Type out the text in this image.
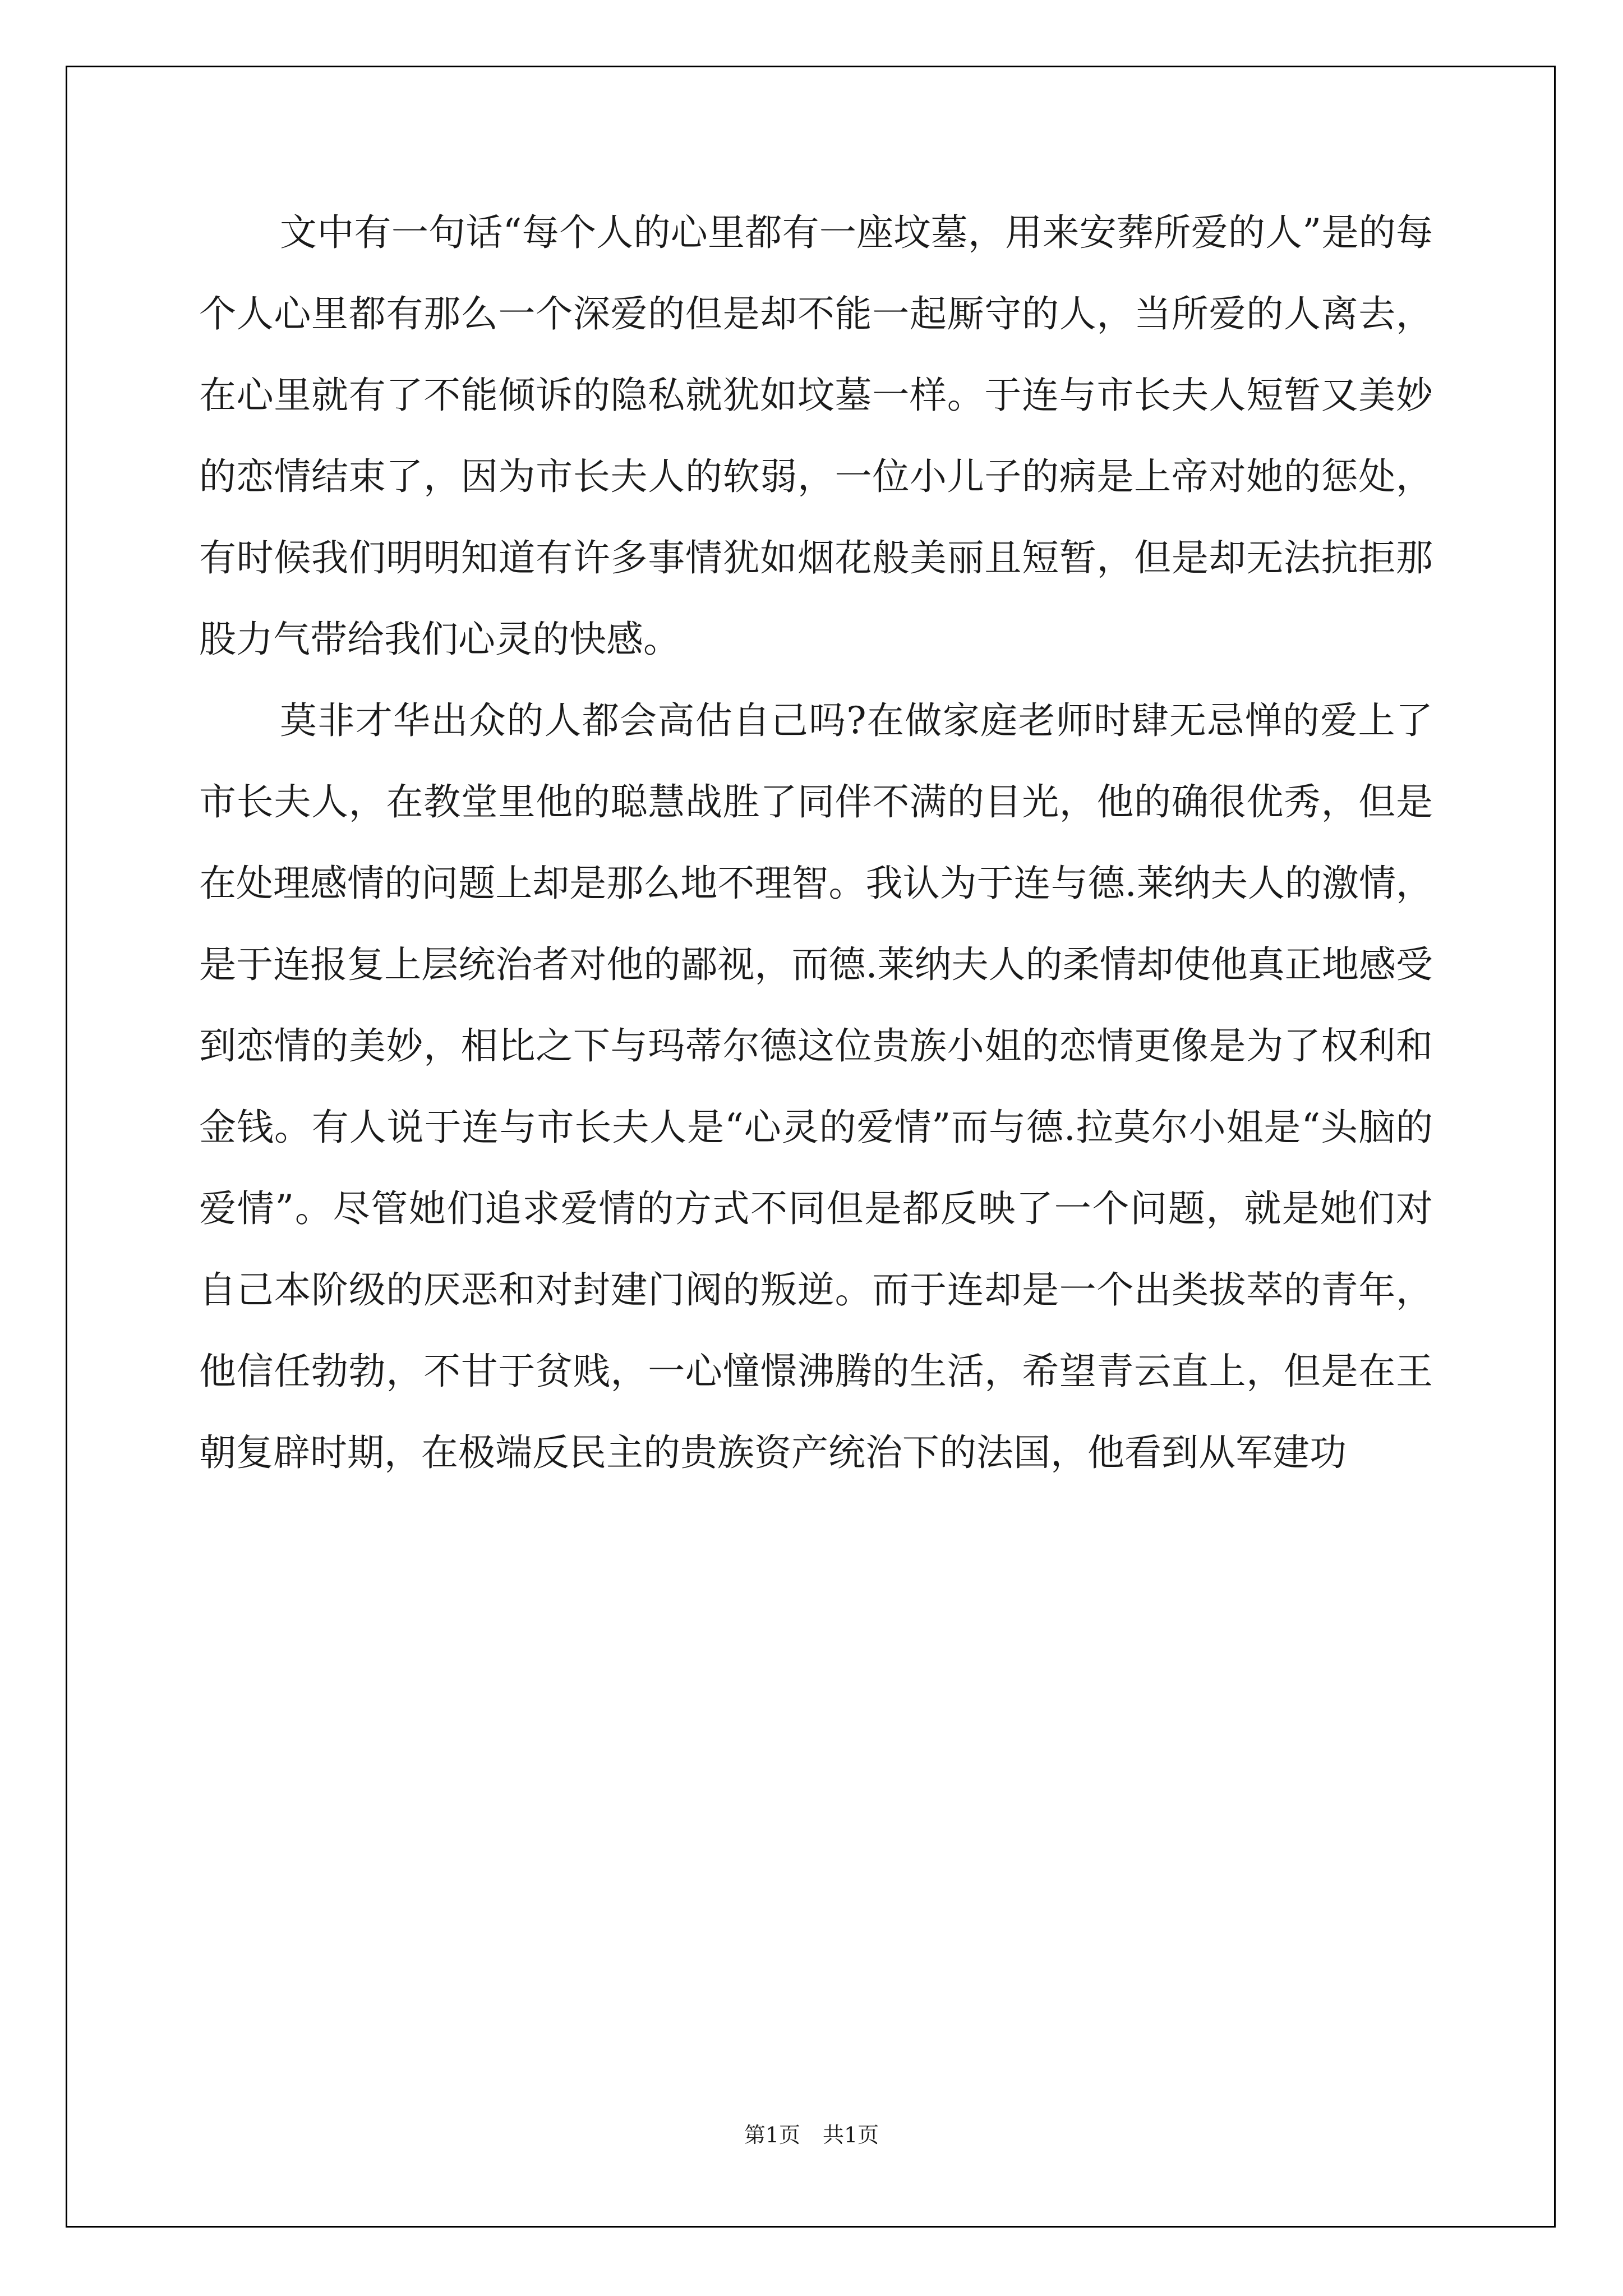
文中有一句话“每个人的心里都有一座坟墓，用来安葬所爱的人”是的每个人心里都有那么一个深爱的但是却不能一起厮守的人，当所爱的人离去，在心里就有了不能倾诉的隐私就犹如坟墓一样。于连与市长夫人短暂又美妙的恋情结束了，因为市长夫人的软弱，一位小儿子的病是上帝对她的惩处，有时候我们明明知道有许多事情犹如烟花般美丽且短暂，但是却无法抗拒那股力气带给我们心灵的快感。

莫非才华出众的人都会高估自己吗?在做家庭老师时肆无忌惮的爱上了市长夫人，在教堂里他的聪慧战胜了同伴不满的目光，他的确很优秀，但是在处理感情的问题上却是那么地不理智。我认为于连与德.莱纳夫人的激情，是于连报复上层统治者对他的鄙视，而德.莱纳夫人的柔情却使他真正地感受到恋情的美妙，相比之下与玛蒂尔德这位贵族小姐的恋情更像是为了权利和金钱。有人说于连与市长夫人是“心灵的爱情”而与德.拉莫尔小姐是“头脑的爱情”。尽管她们追求爱情的方式不同但是都反映了一个问题，就是她们对自己本阶级的厌恶和对封建门阀的叛逆。而于连却是一个出类拔萃的青年，他信任勃勃，不甘于贫贱，一心憧憬沸腾的生活，希望青云直上，但是在王朝复辟时期，在极端反民主的贵族资产统治下的法国，他看到从军建功

第1页 共1页
